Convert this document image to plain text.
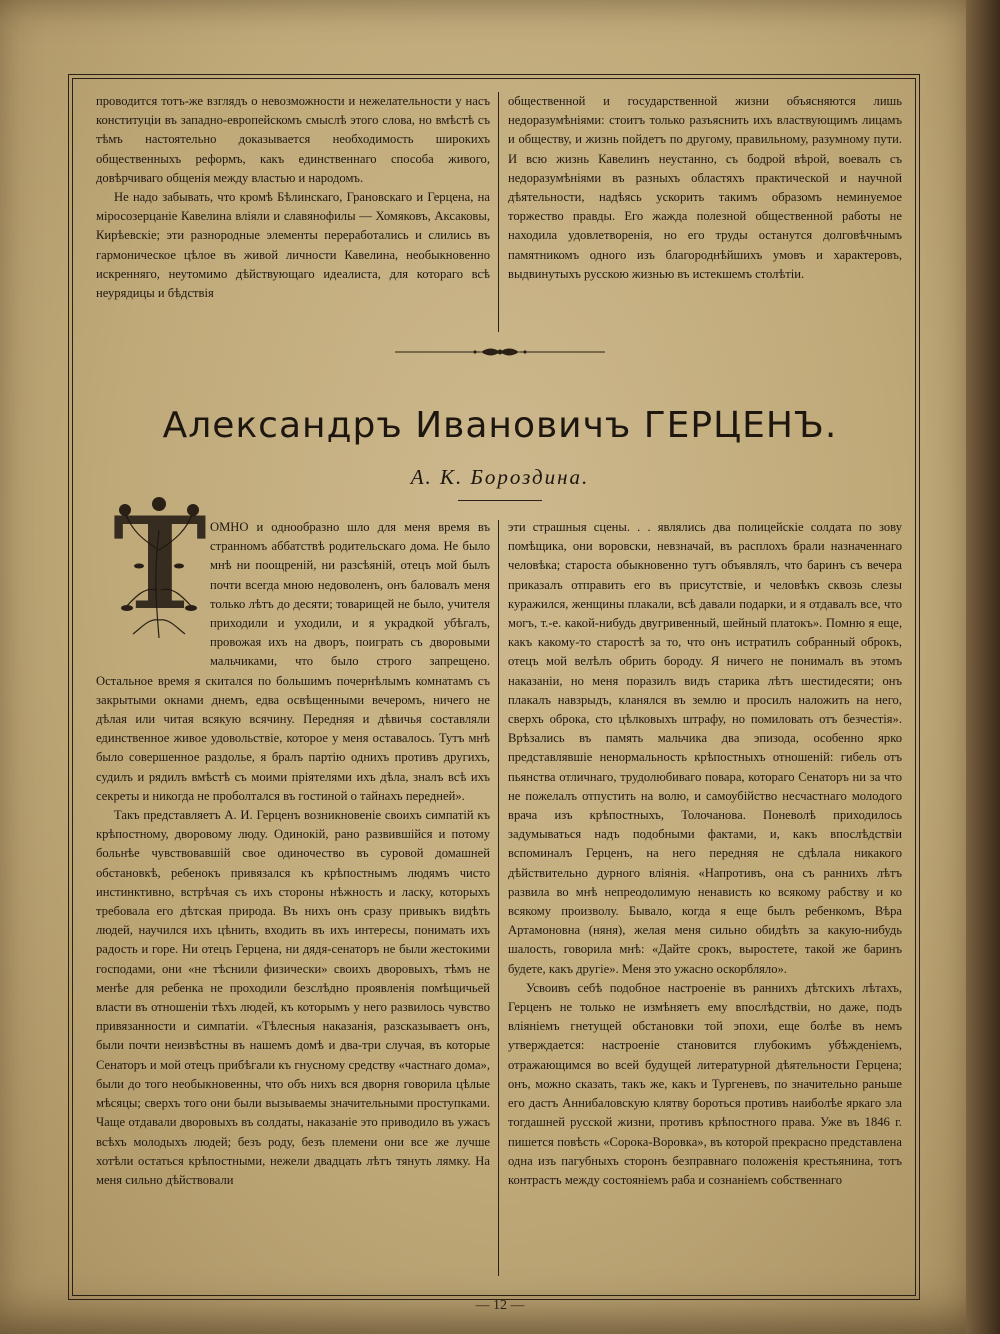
проводится тотъ-же взглядъ о невозможности и нежелательности у насъ конституціи въ западно-европейскомъ смыслѣ этого слова, но вмѣстѣ съ тѣмъ настоятельно доказывается необходимость широкихъ общественныхъ реформъ, какъ единственнаго способа живого, довѣрчиваго общенія между властью и народомъ.

Не надо забывать, что кромѣ Бѣлинскаго, Грановскаго и Герцена, на міросозерцаніе Кавелина вліяли и славянофилы — Хомяковъ, Аксаковы, Кирѣевскіе; эти разнородные элементы переработались и слились въ гармоническое цѣлое въ живой личности Кавелина, необыкновенно искренняго, неутомимо дѣйствующаго идеалиста, для котораго всѣ неурядицы и бѣдствія

общественной и государственной жизни объясняются лишь недоразумѣніями: стоитъ только разъяснить ихъ властвующимъ лицамъ и обществу, и жизнь пойдетъ по другому, правильному, разумному пути. И всю жизнь Кавелинъ неустанно, съ бодрой вѣрой, воевалъ съ недоразумѣніями въ разныхъ областяхъ практической и научной дѣятельности, надѣясь ускорить такимъ образомъ неминуемое торжество правды. Его жажда полезной общественной работы не находила удовлетворенія, но его труды останутся долговѣчнымъ памятникомъ одного изъ благороднѣйшихъ умовъ и характеровъ, выдвинутыхъ русскою жизнью въ истекшемъ столѣтіи.

Александръ Ивановичъ ГЕРЦЕНЪ.
А. К. Бороздина.
Т ОМНО и однообразно шло для меня время въ странномъ аббатствѣ родительскаго дома. Не было мнѣ ни поощреній, ни разсѣяній, отецъ мой былъ почти всегда мною недоволенъ, онъ баловалъ меня только лѣтъ до десяти; товарищей не было, учителя приходили и уходили, и я украдкой убѣгалъ, провожая ихъ на дворъ, поиграть съ дворовыми мальчиками, что было строго запрещено. Остальное время я скитался по большимъ почернѣлымъ комнатамъ съ закрытыми окнами днемъ, едва освѣщенными вечеромъ, ничего не дѣлая или читая всякую всячину. Передняя и дѣвичья составляли единственное живое удовольствіе, которое у меня оставалось. Тутъ мнѣ было совершенное раздолье, я бралъ партію однихъ противъ другихъ, судилъ и рядилъ вмѣстѣ съ моими пріятелями ихъ дѣла, зналъ всѣ ихъ секреты и никогда не проболтался въ гостиной о тайнахъ передней».

Такъ представляетъ А. И. Герценъ возникновеніе своихъ симпатій къ крѣпостному, дворовому люду. Одинокій, рано развившійся и потому больнѣе чувствовавшій свое одиночество въ суровой домашней обстановкѣ, ребенокъ привязался къ крѣпостнымъ людямъ чисто инстинктивно, встрѣчая съ ихъ стороны нѣжность и ласку, которыхъ требовала его дѣтская природа. Въ нихъ онъ сразу привыкъ видѣть людей, научился ихъ цѣнить, входить въ ихъ интересы, понимать ихъ радость и горе. Ни отецъ Герцена, ни дядя-сенаторъ не были жестокими господами, они «не тѣснили физически» своихъ дворовыхъ, тѣмъ не менѣе для ребенка не проходили безслѣдно проявленія помѣщичьей власти въ отношеніи тѣхъ людей, къ которымъ у него развилось чувство привязанности и симпатіи. «Тѣлесныя наказанія, разсказываетъ онъ, были почти неизвѣстны въ нашемъ домѣ и два-три случая, въ которые Сенаторъ и мой отецъ прибѣгали къ гнусному средству «частнаго дома», были до того необыкновенны, что объ нихъ вся дворня говорила цѣлые мѣсяцы; сверхъ того они были вызываемы значительными проступками. Чаще отдавали дворовыхъ въ солдаты, наказаніе это приводило въ ужасъ всѣхъ молодыхъ людей; безъ роду, безъ племени они все же лучше хотѣли остаться крѣпостными, нежели двадцать лѣтъ тянуть лямку. На меня сильно дѣйствовали

эти страшныя сцены. . . являлись два полицейскіе солдата по зову помѣщика, они воровски, невзначай, въ расплохъ брали назначеннаго человѣка; староста обыкновенно тутъ объявлялъ, что баринъ съ вечера приказалъ отправить его въ присутствіе, и человѣкъ сквозь слезы куражился, женщины плакали, всѣ давали подарки, и я отдавалъ все, что могъ, т.-е. какой-нибудь двугривенный, шейный платокъ». Помню я еще, какъ какому-то старостѣ за то, что онъ истратилъ собранный оброкъ, отецъ мой велѣлъ обрить бороду. Я ничего не понималъ въ этомъ наказаніи, но меня поразилъ видъ старика лѣтъ шестидесяти; онъ плакалъ навзрыдъ, кланялся въ землю и просилъ наложить на него, сверхъ оброка, сто цѣлковыхъ штрафу, но помиловать отъ безчестія». Врѣзались въ память мальчика два эпизода, особенно ярко представлявшіе ненормальность крѣпостныхъ отношеній: гибель отъ пьянства отличнаго, трудолюбиваго повара, котораго Сенаторъ ни за что не пожелалъ отпустить на волю, и самоубійство несчастнаго молодого врача изъ крѣпостныхъ, Толочанова. Поневолѣ приходилось задумываться надъ подобными фактами, и, какъ впослѣдствіи вспоминалъ Герценъ, на него передняя не сдѣлала никакого дѣйствительно дурного вліянія. «Напротивъ, она съ раннихъ лѣтъ развила во мнѣ непреодолимую ненависть ко всякому рабству и ко всякому произволу. Бывало, когда я еще былъ ребенкомъ, Вѣра Артамоновна (няня), желая меня сильно обидѣть за какую-нибудь шалость, говорила мнѣ: «Дайте срокъ, выростете, такой же баринъ будете, какъ другіе». Меня это ужасно оскорбляло».

Усвоивъ себѣ подобное настроеніе въ раннихъ дѣтскихъ лѣтахъ, Герценъ не только не измѣняетъ ему впослѣдствіи, но даже, подъ вліяніемъ гнетущей обстановки той эпохи, еще болѣе въ немъ утверждается: настроеніе становится глубокимъ убѣжденіемъ, отражающимся во всей будущей литературной дѣятельности Герцена; онъ, можно сказать, такъ же, какъ и Тургеневъ, по значительно раньше его дастъ Аннибаловскую клятву бороться противъ наиболѣе яркаго зла тогдашней русской жизни, противъ крѣпостного права. Уже въ 1846 г. пишется повѣсть «Сорока-Воровка», въ которой прекрасно представлена одна изъ пагубныхъ сторонъ безправнаго положенія крестьянина, тотъ контрастъ между состояніемъ раба и сознаніемъ собственнаго

— 12 —
